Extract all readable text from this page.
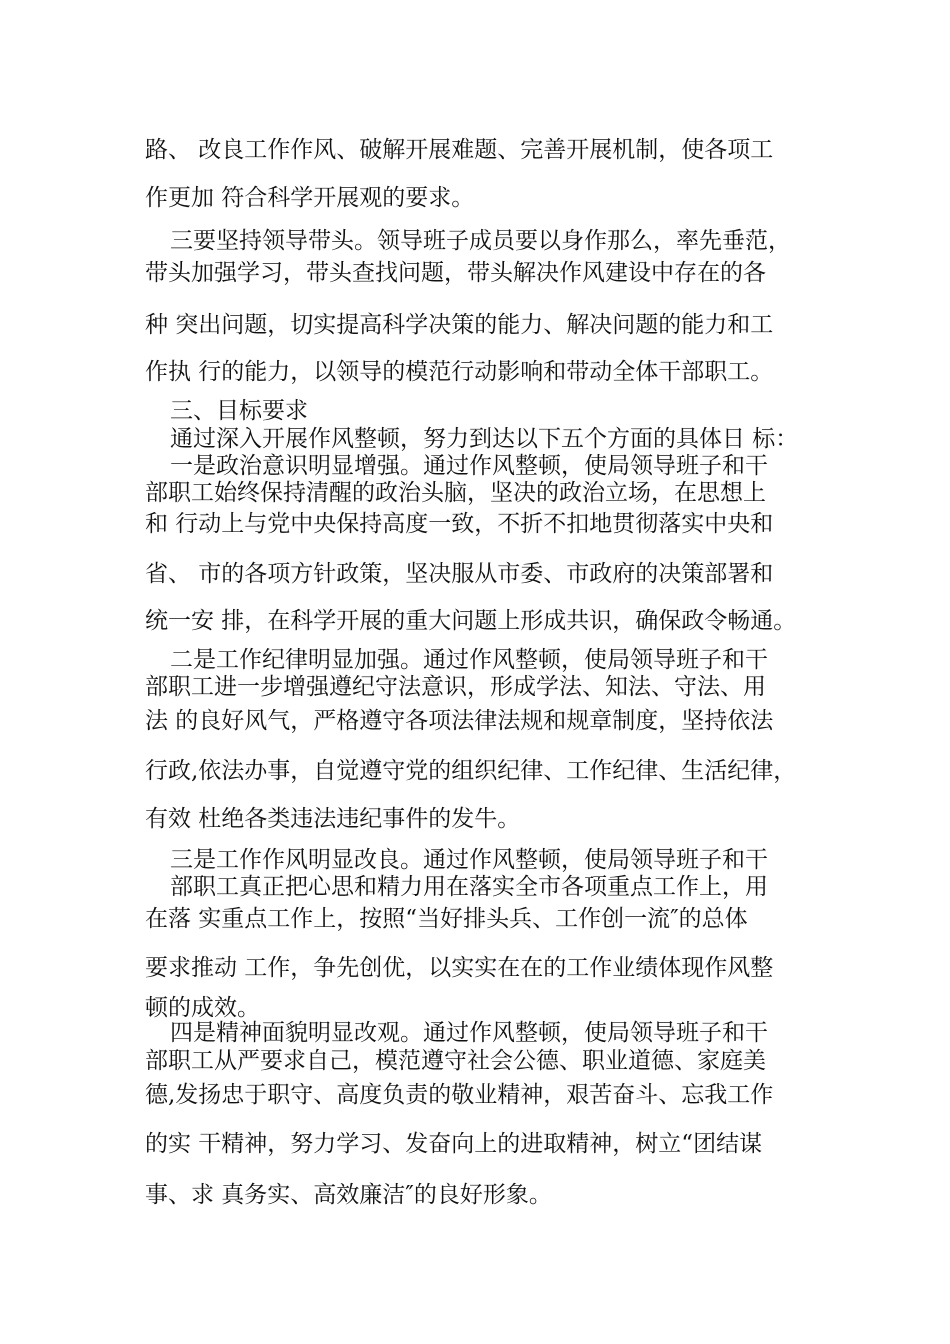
路、 改良工作作风、破解开展难题、完善开展机制，使各项工
作更加 符合科学开展观的要求。
三要坚持领导带头。领导班子成员要以身作那么，率先垂范，
带头加强学习，带头查找问题，带头解决作风建设中存在的各
种 突出问题，切实提高科学决策的能力、解决问题的能力和工
作执 行的能力，以领导的模范行动影响和带动全体干部职工。
三、目标要求
通过深入开展作风整顿，努力到达以下五个方面的具体日 标：
一是政治意识明显增强。通过作风整顿，使局领导班子和干
部职工始终保持清醒的政治头脑，坚决的政治立场，在思想上
和 行动上与党中央保持高度一致，不折不扣地贯彻落实中央和
省、 市的各项方针政策，坚决服从市委、市政府的决策部署和
统一安 排，在科学开展的重大问题上形成共识，确保政令畅通。
二是工作纪律明显加强。通过作风整顿，使局领导班子和干
部职工进一步增强遵纪守法意识，形成学法、知法、守法、用
法 的良好风气，严格遵守各项法律法规和规章制度，坚持依法
行政,依法办事，自觉遵守党的组织纪律、工作纪律、生活纪律，
有效 杜绝各类违法违纪事件的发牛。
三是工作作风明显改良。通过作风整顿，使局领导班子和干
部职工真正把心思和精力用在落实全市各项重点工作上，用
在落 实重点工作上，按照“当好排头兵、工作创一流″的总体
要求推动 工作，争先创优，以实实在在的工作业绩体现作风整
顿的成效。
四是精神面貌明显改观。通过作风整顿，使局领导班子和干
部职工从严要求自己，模范遵守社会公德、职业道德、家庭美
德,发扬忠于职守、高度负责的敬业精神，艰苦奋斗、忘我工作
的实 干精神，努力学习、发奋向上的进取精神，树立“团结谋
事、求 真务实、高效廉洁″的良好形象。
